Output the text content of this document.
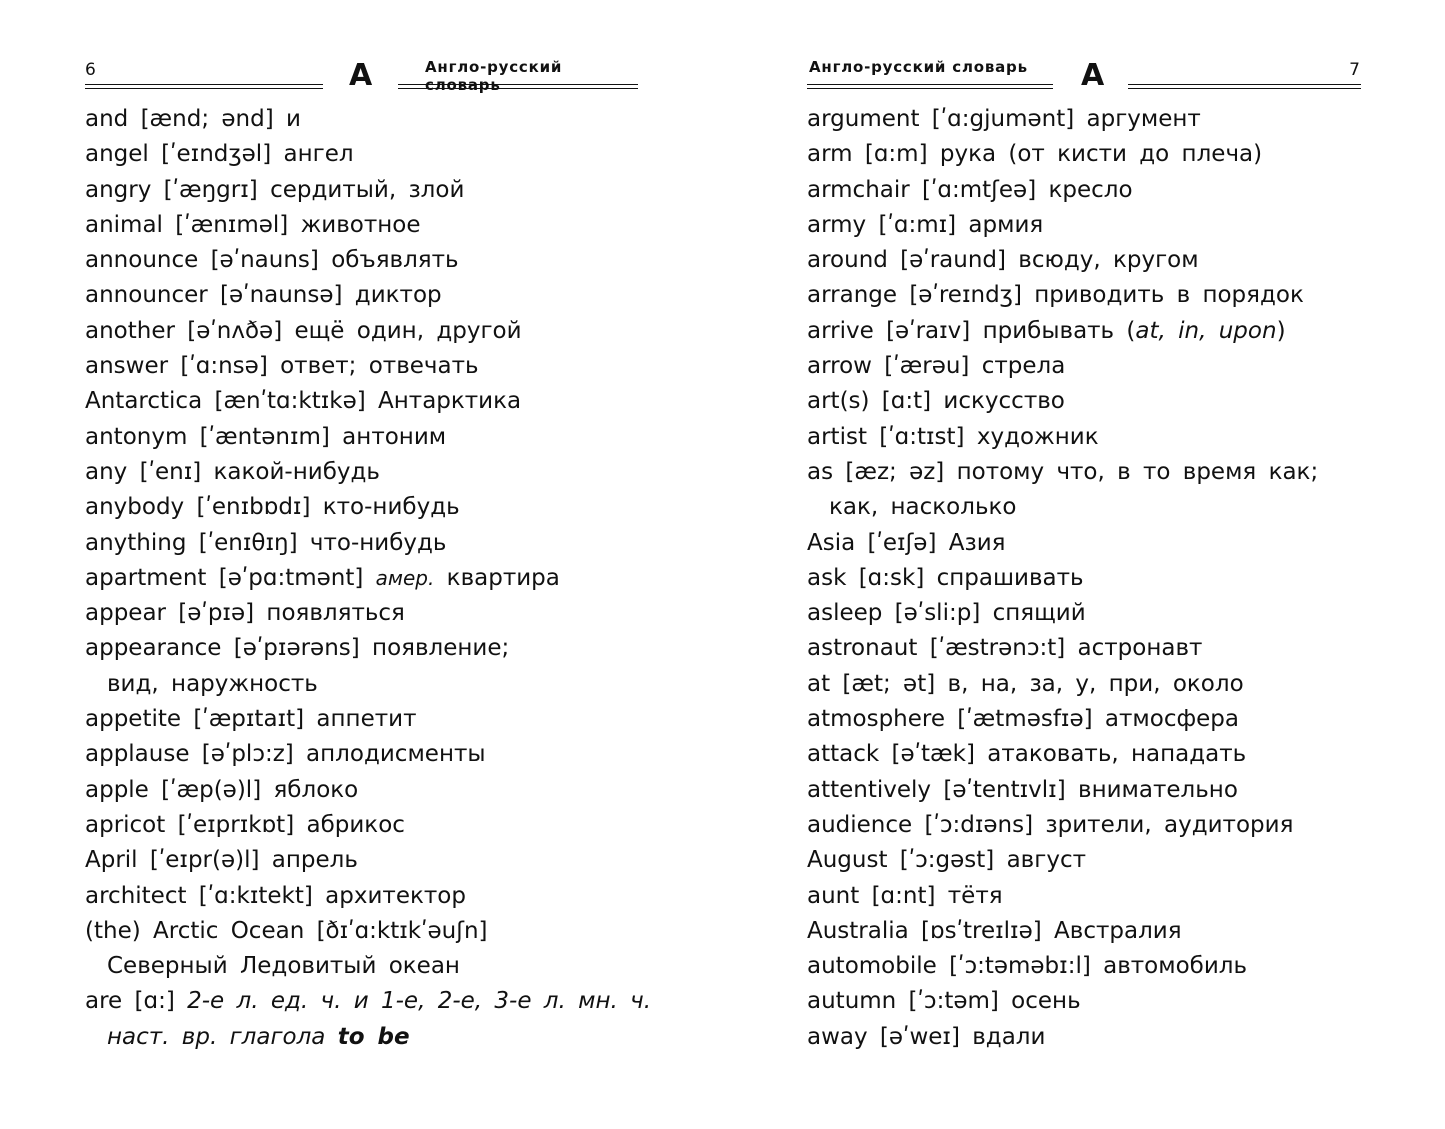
6	А	Англо-русский словарь
and [ænd; ənd] и
angel [ʹeɪndʒəl] ангел
angry [ʹæŋgrɪ] сердитый, злой
animal [ʹænɪməl] животное
announce [əʹnauns] объявлять
announcer [əʹnaunsə] диктор
another [əʹnʌðə] ещё один, другой
answer [ʹɑ:nsə] ответ; отвечать
Antarctica [ænʹtɑ:ktɪkə] Антарктика
antonym [ʹæntənɪm] антоним
any [ʹenɪ] какой-нибудь
anybody [ʹenɪbɒdɪ] кто-нибудь
anything [ʹenɪθɪŋ] что-нибудь
apartment [əʹpɑ:tmənt] амер. квартира
appear [əʹpɪə] появляться
appearance [əʹpɪərəns] появление;
вид, наружность
appetite [ʹæpɪtaɪt] аппетит
applause [əʹplɔ:z] аплодисменты
apple [ʹæp(ə)l] яблоко
apricot [ʹeɪprɪkɒt] абрикос
April [ʹeɪpr(ə)l] апрель
architect [ʹɑ:kɪtekt] архитектор
(the) Arctic Ocean [ðɪʹɑ:ktɪkʹəuʃn]
Северный Ледовитый океан
are [ɑ:] 2-е л. ед. ч. и 1-е, 2-е, 3-е л. мн. ч.
наст. вр. глагола to be
Англо-русский словарь А	7
argument [ʹɑ:gjumənt] аргумент
arm [ɑ:m] рука (от кисти до плеча)
armchair [ʹɑ:mtʃeə] кресло
army [ʹɑ:mɪ] армия
around [əʹraund] всюду, кругом
arrange [əʹreɪndʒ] приводить в порядок
arrive [əʹraɪv] прибывать (at, in, upon)
arrow [ʹærəu] стрела
art(s) [ɑ:t] искусство
artist [ʹɑ:tɪst] художник
as [æz; əz] потому что, в то время как;
как, насколько
Asia [ʹeɪʃə] Азия
ask [ɑ:sk] спрашивать
asleep [əʹsli:p] спящий
astronaut [ʹæstrənɔ:t] астронавт
at [æt; ət] в, на, за, у, при, около
atmosphere [ʹætməsfɪə] атмосфера
attack [əʹtæk] атаковать, нападать
attentively [əʹtentɪvlɪ] внимательно
audience [ʹɔ:dɪəns] зрители, аудитория
August [ʹɔ:gəst] август
aunt [ɑ:nt] тётя
Australia [ɒsʹtreɪlɪə] Австралия
automobile [ʹɔ:təməbɪ:l] автомобиль
autumn [ʹɔ:təm] осень
away [əʹweɪ] вдали
